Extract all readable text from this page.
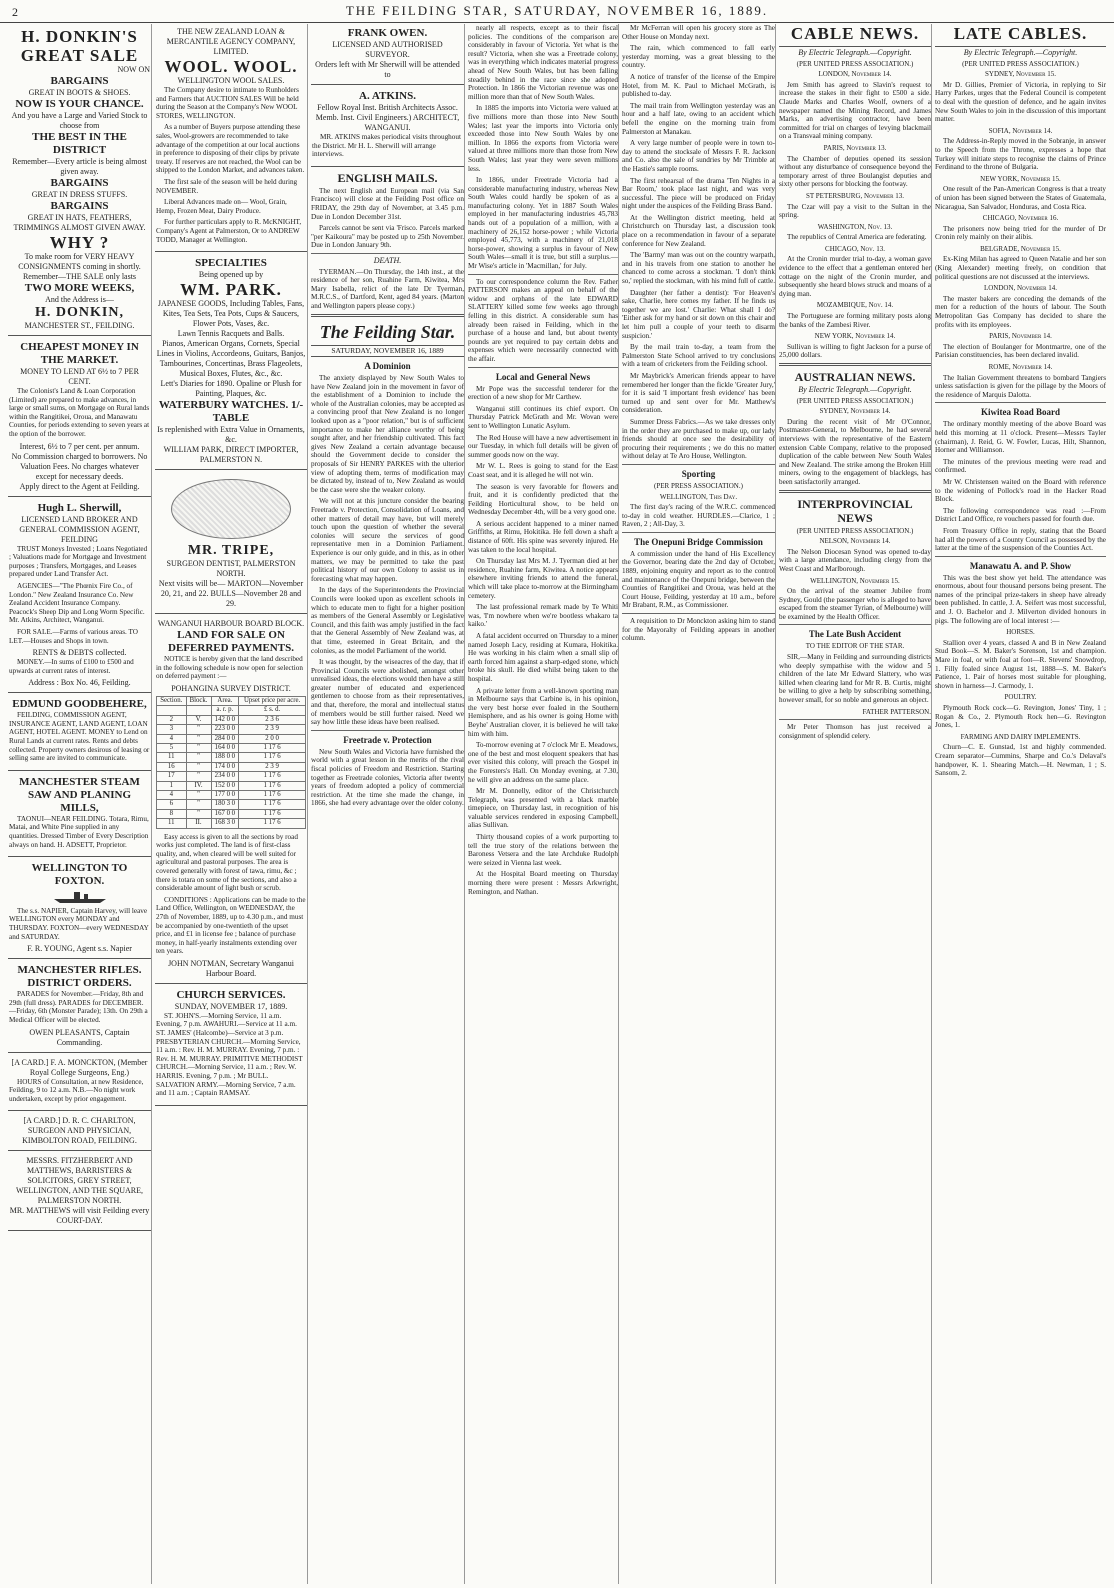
2	THE FEILDING STAR, SATURDAY, NOVEMBER 16, 1889.
H. DONKIN'S
GREAT SALE
NOW ON
BARGAINS
GREAT IN BOOTS & SHOES.
NOW IS YOUR CHANCE.
And you have a Large and Varied Stock to choose from
THE BEST IN THE DISTRICT
Remember—Every article is being almost given away.
BARGAINS
GREAT IN DRESS STUFFS.
BARGAINS
GREAT IN HATS, FEATHERS, TRIMMINGS ALMOST GIVEN AWAY.
WHY ?
To make room for VERY HEAVY CONSIGNMENTS coming in shortly.
Remember—THE SALE only lasts
TWO MORE WEEKS,
And the Address is—
H. DONKIN,
MANCHESTER ST., FEILDING.
CHEAPEST MONEY IN THE MARKET.
MONEY TO LEND AT 6½ to 7 PER CENT.

The Colonist's Land & Loan Corporation (Limited) are prepared to make advances, in large or small sums, on Mortgage on Rural lands within the Rangitikei, Oroua, and Manawatu Counties, for periods extending to seven years at the option of the borrower.

Interest, 6½ to 7 per cent. per annum.
No Commission charged to borrowers. No Valuation Fees. No charges whatever except for necessary deeds.
Apply direct to the Agent at Feilding.
Hugh L. Sherwill,
LICENSED LAND BROKER AND GENERAL COMMISSION AGENT, FEILDING

TRUST Moneys Invested ; Loans Negotiated ; Valuations made for Mortgage and Investment purposes ; Transfers, Mortgages, and Leases prepared under Land Transfer Act.

AGENCIES—"The Phœnix Fire Co., of London." New Zealand Insurance Co. New Zealand Accident Insurance Company. Peacock's Sheep Dip and Long Worm Specific. Mr. Atkins, Architect, Wanganui.

FOR SALE.—Farms of various areas. TO LET.—Houses and Shops in town.

RENTS & DEBTS collected.

MONEY.—In sums of £100 to £500 and upwards at current rates of interest.

Address : Box No. 46, Feilding.
EDMUND GOODBEHERE,

FEILDING, COMMISSION AGENT, INSURANCE AGENT, LAND AGENT, LOAN AGENT, HOTEL AGENT. MONEY to Lend on Rural Lands at current rates. Rents and debts collected. Property owners desirous of leasing or selling same are invited to communicate.

MANCHESTER STEAM SAW AND PLANING MILLS,

TAONUI—NEAR FEILDING. Totara, Rimu, Matai, and White Pine supplied in any quantities. Dressed Timber of Every Description always on hand. H. ADSETT, Proprietor.

WELLINGTON TO FOXTON.

The s.s. NAPIER, Captain Harvey, will leave WELLINGTON every MONDAY and THURSDAY. FOXTON—every WEDNESDAY and SATURDAY.

F. R. YOUNG, Agent s.s. Napier
MANCHESTER RIFLES. DISTRICT ORDERS.

PARADES for November.—Friday, 8th and 29th (full dress). PARADES for DECEMBER.—Friday, 6th (Monster Parade); 13th. On 29th a Medical Officer will be elected.

OWEN PLEASANTS, Captain Commanding.
[A CARD.] F. A. MONCKTON, (Member Royal College Surgeons, Eng.)

HOURS of Consultation, at new Residence, Feilding, 9 to 12 a.m. N.B.—No night work undertaken, except by prior engagement.

[A CARD.] D. R. C. CHARLTON, SURGEON AND PHYSICIAN, KIMBOLTON ROAD, FEILDING.
MESSRS. FITZHERBERT AND MATTHEWS, BARRISTERS & SOLICITORS, GREY STREET, WELLINGTON, AND THE SQUARE, PALMERSTON NORTH.
MR. MATTHEWS will visit Feilding every COURT-DAY.
THE NEW ZEALAND LOAN & MERCANTILE AGENCY COMPANY, LIMITED.
WOOL. WOOL.
WELLINGTON WOOL SALES.

The Company desire to intimate to Runholders and Farmers that AUCTION SALES Will be held during the Season at the Company's New WOOL STORES, WELLINGTON.

As a number of Buyers purpose attending these sales, Wool-growers are recommended to take advantage of the competition at our local auctions in preference to disposing of their clips by private treaty. If reserves are not reached, the Wool can be shipped to the London Market, and advances taken.

The first sale of the season will be held during NOVEMBER.

Liberal Advances made on— Wool, Grain, Hemp, Frozen Meat, Dairy Produce.

For further particulars apply to R. McKNIGHT, Company's Agent at Palmerston, Or to ANDREW TODD, Manager at Wellington.

SPECIALTIES
Being opened up by
WM. PARK.
JAPANESE GOODS, Including Tables, Fans, Kites, Tea Sets, Tea Pots, Cups & Saucers, Flower Pots, Vases, &c.
Lawn Tennis Racquets and Balls.
Pianos, American Organs, Cornets, Special Lines in Violins, Accordeons, Guitars, Banjos, Tambourines, Concertinas, Brass Flageolets, Musical Boxes, Flutes, &c., &c.
Lett's Diaries for 1890. Opaline or Plush for Painting, Plaques, &c.
WATERBURY WATCHES. 1/- TABLE
Is replenished with Extra Value in Ornaments, &c.
WILLIAM PARK, DIRECT IMPORTER, PALMERSTON N.
MR. TRIPE,
SURGEON DENTIST, PALMERSTON NORTH.
Next visits will be— MARTON—November 20, 21, and 22. BULLS—November 28 and 29.
WANGANUI HARBOUR BOARD BLOCK.
LAND FOR SALE ON DEFERRED PAYMENTS.

NOTICE is hereby given that the land described in the following schedule is now open for selection on deferred payment :—

POHANGINA SURVEY DISTRICT.
Section.	Block.	Area.	Upset price per acre.
		a. r. p.	£ s. d.
2	V.	142 0 0	2 3 6
3	"	223 0 0	2 3 9
4	"	284 0 0	2 0 0
5	"	164 0 0	1 17 6
11	"	188 0 0	1 17 6
16	"	174 0 0	2 3 9
17	"	234 0 0	1 17 6
1	IV.	152 0 0	1 17 6
4	"	177 0 0	1 17 6
6	"	180 3 0	1 17 6
8	"	167 0 0	1 17 6
11	II.	168 3 0	1 17 6

Easy access is given to all the sections by road works just completed. The land is of first-class quality, and, when cleared will be well suited for agricultural and pastoral purposes. The area is covered generally with forest of tawa, rimu, &c ; there is totara on some of the sections, and also a considerable amount of light bush or scrub.

CONDITIONS : Applications can be made to the Land Office, Wellington, on WEDNESDAY, the 27th of November, 1889, up to 4.30 p.m., and must be accompanied by one-twentieth of the upset price, and £1 in license fee ; balance of purchase money, in half-yearly instalments extending over ten years.

JOHN NOTMAN, Secretary Wanganui Harbour Board.
CHURCH SERVICES.
SUNDAY, NOVEMBER 17, 1889.

ST. JOHN'S.—Morning Service, 11 a.m. Evening, 7 p.m. AWAHURI.—Service at 11 a.m. ST. JAMES' (Halcombe)—Service at 3 p.m. PRESBYTERIAN CHURCH.—Morning Service, 11 a.m. : Rev. H. M. MURRAY. Evening, 7 p.m. : Rev. H. M. MURRAY. PRIMITIVE METHODIST CHURCH.—Morning Service, 11 a.m. ; Rev. W. HARRIS. Evening, 7 p.m. ; Mr BULL. SALVATION ARMY.—Morning Service, 7 a.m. and 11 a.m. ; Captain RAMSAY.

FRANK OWEN.
LICENSED AND AUTHORISED SURVEYOR.
Orders left with Mr Sherwill will be attended to
A. ATKINS.
Fellow Royal Inst. British Architects Assoc. Memb. Inst. Civil Engineers.) ARCHITECT, WANGANUI.

MR. ATKINS makes periodical visits throughout the District. Mr H. L. Sherwill will arrange interviews.

ENGLISH MAILS.

The next English and European mail (via San Francisco) will close at the Feilding Post office on FRIDAY, the 29th day of November, at 3.45 p.m. Due in London December 31st.

Parcels cannot be sent via 'Frisco. Parcels marked "per Kaikoura" may be posted up to 25th November. Due in London January 9th.

DEATH.

TYERMAN.—On Thursday, the 14th inst., at the residence of her son, Ruahine Farm, Kiwitea, Mrs Mary Isabella, relict of the late Dr Tyerman, M.R.C.S., of Dartford, Kent, aged 84 years. (Marton and Wellington papers please copy.)

The Feilding Star.
SATURDAY, NOVEMBER 16, 1889
A Dominion

The anxiety displayed by New South Wales to have New Zealand join in the movement in favor of the establishment of a Dominion to include the whole of the Australian colonies, may be accepted as a convincing proof that New Zealand is no longer looked upon as a "poor relation," but is of sufficient importance to make her alliance worthy of being sought after, and her friendship cultivated. This fact gives New Zealand a certain advantage because should the Government decide to consider the proposals of Sir HENRY PARKES with the ulterior view of adopting them, terms of modification may be dictated by, instead of to, New Zealand as would be the case were she the weaker colony.

We will not at this juncture consider the bearing Freetrade v. Protection, Consolidation of Loans, and other matters of detail may have, but will merely touch upon the question of whether the several colonies will secure the services of good representative men in a Dominion Parliament. Experience is our only guide, and in this, as in other matters, we may be permitted to take the past political history of our own Colony to assist us in forecasting what may happen.

In the days of the Superintendents the Provincial Councils were looked upon as excellent schools in which to educate men to fight for a higher position as members of the General Assembly or Legislative Council, and this faith was amply justified in the fact that the General Assembly of New Zealand was, at that time, esteemed in Great Britain, and the colonies, as the model Parliament of the world.

It was thought, by the wiseacres of the day, that if Provincial Councils were abolished, amongst other unrealised ideas, the elections would then have a still greater number of educated and experienced gentlemen to choose from as their representatives, and that, therefore, the moral and intellectual status of members would be still further raised. Need we say how little these ideas have been realised.

Freetrade v. Protection

New South Wales and Victoria have furnished the world with a great lesson in the merits of the rival fiscal policies of Freedom and Restriction. Starting together as Freetrade colonies, Victoria after twenty years of freedom adopted a policy of commercial restriction. At the time she made the change, in 1866, she had every advantage over the older colony.

nearly all respects, except as to their fiscal policies. The conditions of the comparison are considerably in favour of Victoria. Yet what is the result? Victoria, when she was a Freetrade colony, was in everything which indicates material progress ahead of New South Wales, but has been falling steadily behind in the race since she adopted Protection. In 1866 the Victorian revenue was one million more than that of New South Wales.

In 1885 the imports into Victoria were valued at five millions more than those into New South Wales; last year the imports into Victoria only exceeded those into New South Wales by one million. In 1866 the exports from Victoria were valued at three millions more than those from New South Wales; last year they were seven millions less.

In 1866, under Freetrade Victoria had a considerable manufacturing industry, whereas New South Wales could hardly be spoken of as a manufacturing colony. Yet in 1887 South Wales employed in her manufacturing industries 45,783 hands out of a population of a million, with a machinery of 26,152 horse-power ; while Victoria employed 45,773, with a machinery of 21,018 horse-power, showing a surplus in favour of New South Wales—small it is true, but still a surplus.—Mr Wise's article in 'Macmillan,' for July.

To our correspondence column the Rev. Father PATTERSON makes an appeal on behalf of the widow and orphans of the late EDWARD SLATTERY killed some few weeks ago through felling in this district. A considerable sum has already been raised in Feilding, which in the purchase of a house and land, but about twenty pounds are yet required to pay certain debts and expenses which were necessarily connected with the affair.

Local and General News

Mr Pope was the successful tenderer for the erection of a new shop for Mr Carthew.

Wanganui still continues its chief export. On Thursday Patrick McGrath and Mr. Wovan were sent to Wellington Lunatic Asylum.

The Red House will have a new advertisement in our Tuesday, in which full details will be given of summer goods now on the way.

Mr W. L. Rees is going to stand for the East Coast seat, and it is alleged he will not win.

The season is very favorable for flowers and fruit, and it is confidently predicted that the Feilding Horticultural show, to be held on Wednesday December 4th, will be a very good one.

A serious accident happened to a miner named Griffiths, at Rimu, Hokitika. He fell down a shaft a distance of 60ft. His spine was severely injured. He was taken to the local hospital.

On Thursday last Mrs M. J. Tyerman died at her residence, Ruahine farm, Kiwitea. A notice appears elsewhere inviting friends to attend the funeral, which will take place to-morrow at the Birmingham cemetery.

The last professional remark made by Te Whiti was, 'I'm nowhere when we're bootless whakaro ta kaiko.'

A fatal accident occurred on Thursday to a miner named Joseph Lacy, residing at Kumara, Hokitika. He was working in his claim when a small slip of earth forced him against a sharp-edged stone, which broke his skull. He died whilst being taken to the hospital.

A private letter from a well-known sporting man in Melbourne says that Carbine is, in his opinion, the very best horse ever foaled in the Southern Hemisphere, and as his owner is going Home with Beyhe' Australian clover, it is believed he will take him with him.

To-morrow evening at 7 o'clock Mr E. Meadows, one of the best and most eloquent speakers that has ever visited this colony, will preach the Gospel in the Foresters's Hall. On Monday evening, at 7.30, he will give an address on the same place.

Mr M. Donnelly, editor of the Christchurch Telegraph, was presented with a black marble timepiece, on Thursday last, in recognition of his valuable services rendered in exposing Campbell, alias Sullivan.

Thirty thousand copies of a work purporting to tell the true story of the relations between the Baroness Vetsera and the late Archduke Rudolph were seized in Vienna last week.

At the Hospital Board meeting on Thursday morning there were present : Messrs Arkwright, Remington, and Nathan.

Mr McFerran will open his grocery store as The Other House on Monday next.

The rain, which commenced to fall early yesterday morning, was a great blessing to the country.

A notice of transfer of the license of the Empire Hotel, from M. K. Paul to Michael McGrath, is published to-day.

The mail train from Wellington yesterday was an hour and a half late, owing to an accident which befell the engine on the morning train from Palmerston at Manakau.

A very large number of people were in town to-day to attend the stocksale of Messrs F. R. Jackson and Co. also the sale of sundries by Mr Trimble at the Hastie's sample rooms.

The first rehearsal of the drama 'Ten Nights in a Bar Room,' took place last night, and was very successful. The piece will be produced on Friday night under the auspices of the Feilding Brass Band.

At the Wellington district meeting, held at Christchurch on Thursday last, a discussion took place on a recommendation in favour of a separate conference for New Zealand.

The 'Barmy' man was out on the country warpath, and in his travels from one station to another he chanced to come across a stockman. 'I don't think so,' replied the stockman, with his mind full of cattle.

Daughter (her father a dentist): 'For Heaven's sake, Charlie, here comes my father. If he finds us together we are lost.' Charlie: What shall I do? 'Either ask for my hand or sit down on this chair and let him pull a couple of your teeth to disarm suspicion.'

By the mail train to-day, a team from the Palmerston State School arrived to try conclusions with a team of cricketers from the Feilding school.

Mr Maybrick's American friends appear to have remembered her longer than the fickle 'Greater Jury,' for it is said 'I important fresh evidence' has been turned up and sent over for Mr. Matthew's consideration.

Summer Dress Fabrics.—As we take dresses only in the order they are purchased to make up, our lady friends should at once see the desirability of procuring their requirements ; we do this no matter without delay at Te Aro House, Wellington.

Sporting
(PER PRESS ASSOCIATION.)
WELLINGTON, This Day.

The first day's racing of the W.R.C. commenced to-day in cold weather. HURDLES.—Clarice, 1 ; Raven, 2 ; All-Day, 3.

The Onepuni Bridge Commission

A commission under the hand of His Excellency the Governor, bearing date the 2nd day of October, 1889, enjoining enquiry and report as to the control and maintenance of the Onepuni bridge, between the Counties of Rangitikei and Oroua, was held at the Court House, Feilding, yesterday at 10 a.m., before Mr Brabant, R.M., as Commissioner.

A requisition to Dr Monckton asking him to stand for the Mayoralty of Feilding appears in another column.

CABLE NEWS.
By Electric Telegraph.—Copyright.
(PER UNITED PRESS ASSOCIATION.)
LONDON, November 14.

Jem Smith has agreed to Slavin's request to increase the stakes in their fight to £500 a side. Claude Marks and Charles Woolf, owners of a newspaper named the Mining Record, and James Marks, an advertising contractor, have been committed for trial on charges of levying blackmail on a Transvaal mining company.

PARIS, November 13.

The Chamber of deputies opened its session without any disturbance of consequence beyond the temporary arrest of three Boulangist deputies and sixty other persons for blocking the footway.

ST PETERSBURG, November 13.

The Czar will pay a visit to the Sultan in the spring.

WASHINGTON, Nov. 13.

The republics of Central America are federating.

CHICAGO, Nov. 13.

At the Cronin murder trial to-day, a woman gave evidence to the effect that a gentleman entered her cottage on the night of the Cronin murder, and subsequently she heard blows struck and moans of a dying man.

MOZAMBIQUE, Nov. 14.

The Portuguese are forming military posts along the banks of the Zambesi River.

NEW YORK, November 14.

Sullivan is willing to fight Jackson for a purse of 25,000 dollars.

AUSTRALIAN NEWS.
By Electric Telegraph.—Copyright.
(PER UNITED PRESS ASSOCIATION.)
SYDNEY, November 14.

During the recent visit of Mr O'Connor, Postmaster-General, to Melbourne, he had several interviews with the representative of the Eastern extension Cable Company, relative to the proposed duplication of the cable between New South Wales and New Zealand. The strike among the Broken Hill miners, owing to the engagement of blacklegs, has been satisfactorily arranged.

INTERPROVINCIAL NEWS
(PER UNITED PRESS ASSOCIATION.)
NELSON, November 14.

The Nelson Diocesan Synod was opened to-day with a large attendance, including clergy from the West Coast and Marlborough.

WELLINGTON, November 15.

On the arrival of the steamer Jubilee from Sydney, Gould (the passenger who is alleged to have escaped from the steamer Tyrian, of Melbourne) will be examined by the Health Officer.

The Late Bush Accident
TO THE EDITOR OF THE STAR.

SIR,—Many in Feilding and surrounding districts who deeply sympathise with the widow and 5 children of the late Mr Edward Slattery, who was killed when clearing land for Mr R. B. Curtis, might be willing to give a help by subscribing something, however small, for so noble and generous an object.

FATHER PATTERSON.

Mr Peter Thomson has just received a consignment of splendid celery.

LATE CABLES.
By Electric Telegraph.—Copyright.
(PER UNITED PRESS ASSOCIATION.)
SYDNEY, November 15.

Mr D. Gillies, Premier of Victoria, in replying to Sir Harry Parkes, urges that the Federal Council is competent to deal with the question of defence, and he again invites New South Wales to join in the discussion of this important matter.

SOFIA, November 14.

The Address-in-Reply moved in the Sobranje, in answer to the Speech from the Throne, expresses a hope that Turkey will initiate steps to recognise the claims of Prince Ferdinand to the throne of Bulgaria.

NEW YORK, November 15.

One result of the Pan-American Congress is that a treaty of union has been signed between the States of Guatemala, Nicaragua, San Salvador, Honduras, and Costa Rica.

CHICAGO, November 16.

The prisoners now being tried for the murder of Dr Cronin rely mainly on their alibis.

BELGRADE, November 15.

Ex-King Milan has agreed to Queen Natalie and her son (King Alexander) meeting freely, on condition that political questions are not discussed at the interviews.

LONDON, November 14.

The master bakers are conceding the demands of the men for a reduction of the hours of labour. The South Metropolitan Gas Company has decided to share the profits with its employees.

PARIS, November 14.

The election of Boulanger for Montmartre, one of the Parisian constituencies, has been declared invalid.

ROME, November 14.

The Italian Government threatens to bombard Tangiers unless satisfaction is given for the pillage by the Moors of the residence of Marquis Dalotta.

Kiwitea Road Board

The ordinary monthly meeting of the above Board was held this morning at 11 o'clock. Present—Messrs Tayler (chairman), J. Reid, G. W. Fowler, Lucas, Hilt, Shannon, Horner and Williamson.

The minutes of the previous meeting were read and confirmed.

Mr W. Christensen waited on the Board with reference to the widening of Pollock's road in the Hacker Road Block.

The following correspondence was read :—From District Land Office, re vouchers passed for fourth due.

From Treasury Office in reply, stating that the Board had all the powers of a County Council as possessed by the latter at the time of the suspension of the Counties Act.

Manawatu A. and P. Show

This was the best show yet held. The attendance was enormous, about four thousand persons being present. The names of the principal prize-takers in sheep have already been published. In cattle, J. A. Seifert was most successful, and J. O. Bachelor and J. Milverton divided honours in pigs. The following are of local interest :—

HORSES.

Stallion over 4 years, classed A and B in New Zealand Stud Book—S. M. Baker's Sorenson, 1st and champion. Mare in foal, or with foal at foot—R. Stevens' Snowdrop, 1. Filly foaled since August 1st, 1888—S. M. Baker's Patience, 1. Pair of horses most suitable for ploughing, shown in harness—J. Carmody, 1.

POULTRY.

Plymouth Rock cock—G. Revington, Jones' Tiny, 1 ; Rogan & Co., 2. Plymouth Rock hen—G. Revington Jones, 1.

FARMING AND DAIRY IMPLEMENTS.

Churn—C. E. Gunstad, 1st and highly commended. Cream separator—Cummins, Sharpe and Co.'s Delaval's handpower, K. 1. Shearing Match.—H. Newman, 1 ; S. Sansom, 2.
